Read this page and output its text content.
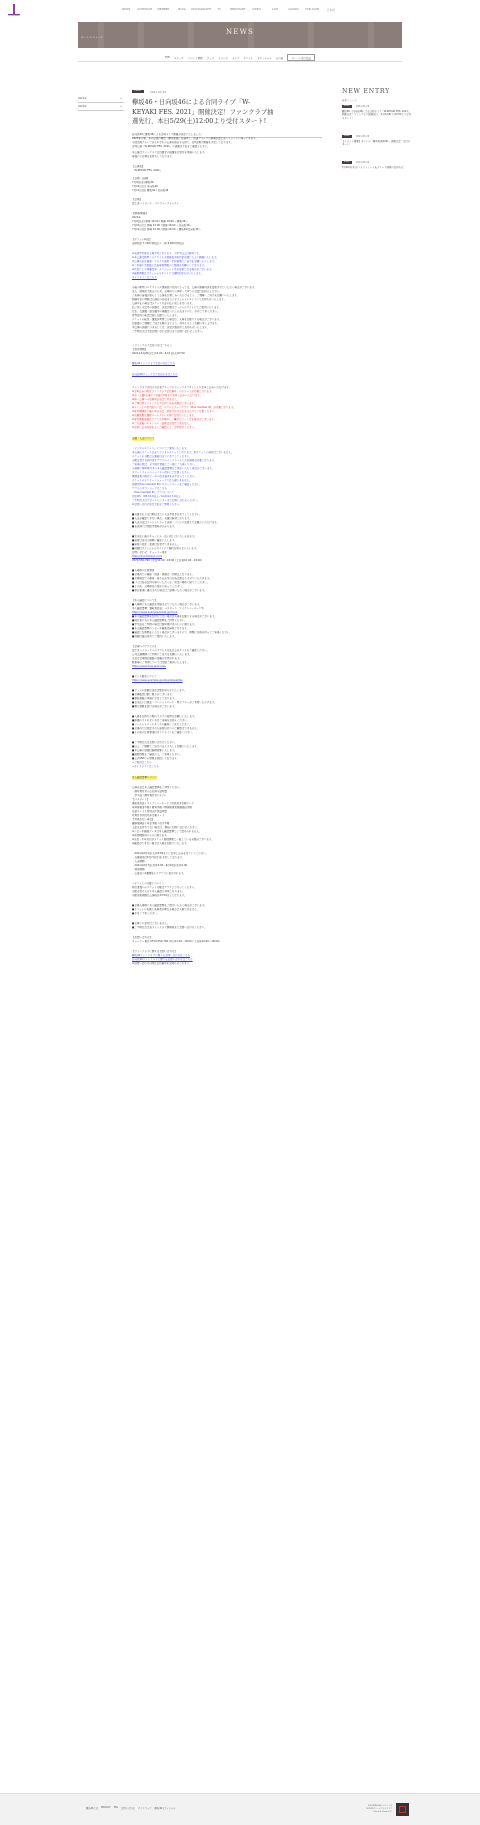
KEYAKIZAKA46
NEWS	SCHEDULE	MEMBER	BLOG	DISCOGRAPHY	TV	MERCHANT	VIDEO	LIVE	GOODS	FAN CLUB	日本語
NEWS
ホーム > ニュース
TOP メディア イベント情報 グッズ リリース ライブ チケット オフィシャル その他	メンバー名で絞込
2021年	+
2020年	+
EVENT	2021.03.24
欅坂46・日向坂46による合同ライブ「W-
KEYAKI FES. 2021」開催決定！ファンクラブ抽
選先行、本日5/29(土)12:00より受付スタート!
日向坂46と欅坂46による合同ライブ開催が決定いたしました！
2021年の夏、あの伝説の舞台「欅共和国」を継承し、坂道グループの祭典が富士急ハイランドに帰ってきます。
今回は両グループがそれぞれの公演を担当する形で、全5日間の開催を予定しております。
合同公演「W-KEYAKI FES. 2021」の詳細は下記をご確認ください。
本公演はファンクラブ会員限定の抽選先行受付を実施いたします。
皆様のご応募をお待ちしております。
【公演名】
「W-KEYAKI FES. 2021」
【日程・出演】
7月9日(金) 欅坂46
7月10日(土) 日向坂46
7月11日(日) 欅坂46 / 日向坂46
【会場】
富士急ハイランド・コニファーフォレスト
【開場/開演】
2021年
7月9日(金) 開場 16:00 / 開演 18:00 ＜欅坂46＞
7月10日(土) 開場 14:00 / 開演 16:00 ＜日向坂46＞
7月11日(日) 開場 14:00 / 開演 16:30 ＜欅坂46/日向坂46＞
【チケット料金】
全席指定 7,700円(税込) / 一般 6,600円(税込)
※未就学児童は入場不可となります。小学生以上は有料です。
※本公演は新型コロナウイルス感染症予防対策を講じた上で開催いたします。
※公演当日は検温・マスクの着用・手指消毒にご協力をお願いいたします。
※ご来場のお客様には来場者情報のご登録をお願いしております。
※状況により開催内容・スケジュール等が変更となる場合がございます。
※最新情報はオフィシャルサイトにて随時お知らせいたします。
ガイドラインはこちら
今後の新型コロナウイルス感染症の状況によっては、公演の開催内容を変更させていただく場合がございます。
また、感染拡大防止のため、会場内での声援・大声での会話はお控えください。
ご来場の皆様が安心して公演をお楽しみいただけるよう、ご理解・ご協力をお願いいたします。
開催可否の判断は公演日の前日までにオフィシャルサイトにてお知らせいたします。
公演中止の場合はチケット代金の払い戻しを行います。
払い戻し方法等の詳細は、決定次第オフィシャルサイトにてご案内いたします。
なお、交通費・宿泊費等の補償はいたしかねますので、予めご了承ください。
営利目的の転売は固くお断りいたします。
チケットの転売・譲渡が判明した場合は、入場をお断りする場合がございます。
お客様のご理解とご協力を賜りますよう、何卒よろしくお願い申し上げます。
本公演の詳細につきましては、決定次第改めてお知らせいたします。
ご不明な点は下記お問い合わせ窓口までお問い合わせください。
＜ファンクラブ会員の方はこちら＞
【受付期間】
2021年5月29日(土)12:00〜6月1日(火)23:59
欅坂46ファンクラブ会員の方はこちら
日向坂46ファンクラブ会員の方はこちら
ファンクラブ会員の方は各グループのファンクラブサイトよりお申し込みいただけます。
※お申込みの際はファンクラブ会員番号・パスワードが必要となります。
※お一人様1公演につき最大2枚までお申し込みいただけます。
※同一公演への重複申込みはできません。
※ご同行者もファンクラブ会員である必要がございます。
※チケットの受け取りには、スマートフォンアプリ「Plus member ID」が必要となります。
※受付期間終了後の申込みは一切受け付けられませんのでご注意ください。
※当選結果は登録メールアドレス宛にお送りいたします。
※受付開始直後はアクセスが集中し、繋がりにくくなる場合がございます。
※ご入金後のキャンセル・変更はお受けできません。
※お申し込み内容をよくご確認の上、お手続きください。
当選・入金について
「デジタルチケット」についてご案内いたします。
本公演のチケットは全てデジタルチケットとなります。紙チケットの発券はございません。
チケットの分配は公演前日までに完了してください。
分配を受ける同行者もアプリのインストールと会員登録が必要となります。
ご来場の際は、必ず同行者様とご一緒にご入場ください。
入場時に顔写真付きの本人確認書類をご提示いただく場合がございます。
スマートフォンのバッテリー切れにご注意ください。
機種変更の際はデータの引き継ぎを必ず行ってください。
チケットのスクリーンショットでは入場できません。
詳細はPlus member IDのサポートページをご確認ください。
アプリのダウンロードはこちら
「Plus member ID」アプリについて
対応OS：iOS 13.0以上 / Android 7.0以上
ご不明な点はサポートセンターまでお問い合わせください。
※お問い合わせ先は下記をご参照ください。
■当選された方は期日までに入金手続きを完了してください。
■入金が確認できない場合、当選は無効となります。
■入金方法はクレジットカード決済・コンビニ決済よりお選びいただけます。
■各決済には別途手数料がかかります。
■お支払い後のキャンセル・払い戻しはいたしかねます。
■座席は当日入場時に確定いたします。
■座席の指定・変更はお受けできません。
■詳細はオフィシャルサイトにて順次お知らせいたします。
お問い合わせ：キョードー東京
https://kyodotokyo.com/
0570-550-799（平日11:00〜18:00 / 土日祝10:00〜18:00）
■入場時の注意事項
■会場内での撮影・録音・録画は一切禁止となります。
■会場周辺での徹夜・座り込み等の行為は禁止とさせていただきます。
■ゴミは各自お持ち帰りいただくか、所定の場所に捨ててください。
■その他、会場係員の指示に従ってください。
■禁止事項に違反された場合はご退場いただく場合がございます。
【本人確認について】
■入場時に本人確認を実施させていただく場合がございます。
本人確認書類：運転免許証、パスポート、マイナンバーカード等
https://www.example-ticket.jp/check
■本人確認書類をお持ちでない場合は入場をお断りする場合がございます。
■同行者の方も本人確認書類をご持参ください。
■学生証をご利用の場合は顔写真付きのものに限ります。
■本人確認書類のコピーや画像は無効となります。
■確認にお時間をいただく場合がございますので、時間に余裕を持ってご来場ください。
■詳細は後日改めてご案内いたします。
【会場へのアクセス】
富士急ハイランドへのアクセス方法は公式サイトをご確認ください。
公共交通機関のご利用にご協力をお願いいたします。
当日は会場周辺道路の混雑が予想されます。
駐車場のご利用については別途ご案内いたします。
https://www.fujiq.jp/access/
■グッズ販売について
https://www.example-goods.jp/keyakifes
■グッズの詳細は決定次第お知らせいたします。
■会場販売は数に限りがございます。
■事前通販の実施も予定しております。
■お支払いは現金・クレジットカード・電子マネーがご利用いただけます。
■購入制限を設ける場合がございます。
■入場をお待ちの間のマスクの着用をお願いいたします。
■体調のすぐれない方はご来場をお控えください。
■ソーシャルディスタンスの確保にご協力ください。
■会場内では指定された座席以外でのご観覧はできません。
■その他の注意事項はガイドラインをご確認ください。
■ご不明な点はお問い合わせください。
■以上、ご理解とご協力のほどよろしくお願いいたします。
■本公演の詳細は随時更新いたします。
■最新情報をご確認の上、ご来場ください。
■公式SNSでも情報を発信しております。
→ご案内はこちら
→ガイドラインはこちら
本人確認書類について
公演当日は本人確認書類をご持参ください。
・顔写真付きの公的身分証明書
・学生証（顔写真付きのもの）
【パスポート】
運転免許証 / マイナンバーカード / 住民基本台帳カード
身体障害者手帳 / 療育手帳 / 精神障害者保健福祉手帳
在留カード / 特別永住者証明書
写真付き住民基本台帳カード
【写真がない場合】
健康保険証 / 年金手帳 / 母子手帳
上記をお持ちでない場合は、事前にお問い合わせください。
※コピーや画像データは本人確認書類として認められません。
※有効期限内のものに限ります。
※氏名・生年月日がチケット登録情報と一致している必要がございます。
※確認ができない場合は入場をお断りいたします。
・2021年6月1日(火)23:59までにお申し込みを完了してください。
・当選発表は6月7日(月)を予定しております。
・入金期間
・2021年6月7日(月)15:00〜6月10日(木)21:00
・発券期間
・公演日の1週間前よりアプリに表示されます。
＜チケットの分配について＞
同行者様へのチケット分配はアプリ上で行ってください。
分配を受けた方も本人確認の対象となります。
分配可能期限は公演前日23:59までとなります。
■会場入場時に本人確認書類をご提示いただく場合がございます。
■チケットの名義と来場者が異なる場合は入場できません。
■予めご了承ください。
■会場での受付はございません。
■ご不明な点は各ファンクラブ事務局までお問い合わせください。
【お問い合わせ】
キョードー東京 0570-550-799 (平日11:00〜18:00 / 土日祝10:00〜18:00)
【ファンクラブに関するお問い合わせ】
欅坂46ファンクラブに関するお問い合わせはこちら
日向坂46ファンクラブに関するお問い合わせはこちら
※お問い合わせの際は会員番号をお知らせください。
NEW ENTRY
最新ニュース
EVENT	2021.05.29
欅坂46・日向坂46による合同ライブ「W-KEYAKI FES. 2021」開催決定！ファンクラブ抽選先行、本日5/29(土)12:00より受付スタート！
EVENT	2021.05.26
【イベント概要】タイトル「欅共和国2021」開催決定！受付スタート！
EVENT	2021.05.20
5月20日(木)オンラインミート＆グリート開催のお知らせ
欅坂46とは PRIVACY FAQ お問い合わせ サイトマップ 欅坂46オフィシャル
2021年欅坂46公式サイトは
2020年のサービスとなります
©Seed & Flower LLC
